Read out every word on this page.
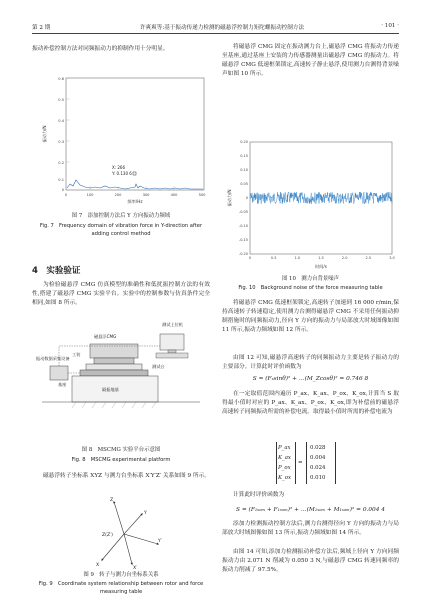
第 2 期	许爽爽等:基于振动传递力检测的磁悬浮控制力矩陀螺振动控制方法	· 101 ·
振动补偿控制方法对同频振动力的抑制作用十分明显。
0.6
0.5
0.4
0.3
0.2
0.1
0
0	100	200	300	400	500
X: 266
Y: 0.130 6
振动力/N
频率/Hz
图 7　添加控制方法后 Y 方向振动力频域
Fig. 7　Frequency domain of vibration force in Y-direction after adding control method
4　实验验证
为检验磁悬浮 CMG 仿真模型的准确性和低扰振控制方法的有效性,搭建了磁悬浮 CMG 实验平台。实验中的控制参数与仿真条件完全相同,如图 8 所示。
测试上位机
振动数据采集设备
磁悬浮CMG
工装
测试台
基座
隔振地基
图 8　MSCMG 实验平台示意图
Fig. 8　MSCMG experimental platform
磁悬浮转子坐标系 XYZ 与测力台坐标系 X′Y′Z′ 关系如图 9 所示。
Z
Y
Z(Z′)
Y′
X
X′
图 9　转子与测力台坐标系关系
Fig. 9　Coordinate system relationship between rotor and force measuring table
将磁悬浮 CMG 固定在振动测力台上,磁悬浮 CMG 将振动力传递至基座,通过基座上安装的力传感器测量出磁悬浮 CMG 的振动力。将磁悬浮 CMG 低速框架锁定,高速转子静止悬浮,使用测力台测得背景噪声如图 10 所示。
0.20
0.15
0.10
0.05
0
-0.05
-0.10
-0.15
-0.20
0	0.5	1.0	1.5	2.0	2.5	3.0
振动力/N
时间/s
图 10　测力台背景噪声
Fig. 10　Background noise of the force measuring table
将磁悬浮 CMG 低速框架锁定,高速转子加速到 16 000 r/min,保持高速转子转速稳定,使用测力台测得磁悬浮 CMG 不采用任何振动抑制措施时的同频振动力,径向 Y 方向的振动力与局部放大时域图像如图 11 所示,振动力频域如图 12 所示。
由图 12 可知,磁悬浮高速转子的同频振动力主要是转子振动力的主要部分。计算此时评价函数为
S = (Fₓsinθ)² + …(M_Zcosθ)² = 0.746 8
在一定取值范围内遍历 P_ax、K_ax、P_ox、K_ox,计算当 S 取得最小值时对应的 P_ax、K_ax、P_ox、K_ox,即为补偿前的磁悬浮高速转子同频振动所需的补偿电流。取得最小值时所需的补偿电流为
P_ax
K_ax
P_ox
K_ox
=
0.028
0.004
0.024
0.010
计算此时评价函数为
S = (F₁ₓₒₘ + F₁ₓₒₘ)² + …(M₁ₓₒₘ + M₁ₓₒₘ)² = 0.004 4
添加力检测振动控制方法后,测力台测得径向 Y 方向的振动力与局部放大时域图像如图 13 所示,振动力频域如图 14 所示。
由图 14 可知,添加力检测振动补偿方法后,频域上径向 Y 方向同频振动力由 2.071 N 削减为 0.050 3 N,与磁悬浮 CMG 转速同频率的振动力削减了 97.5%。
